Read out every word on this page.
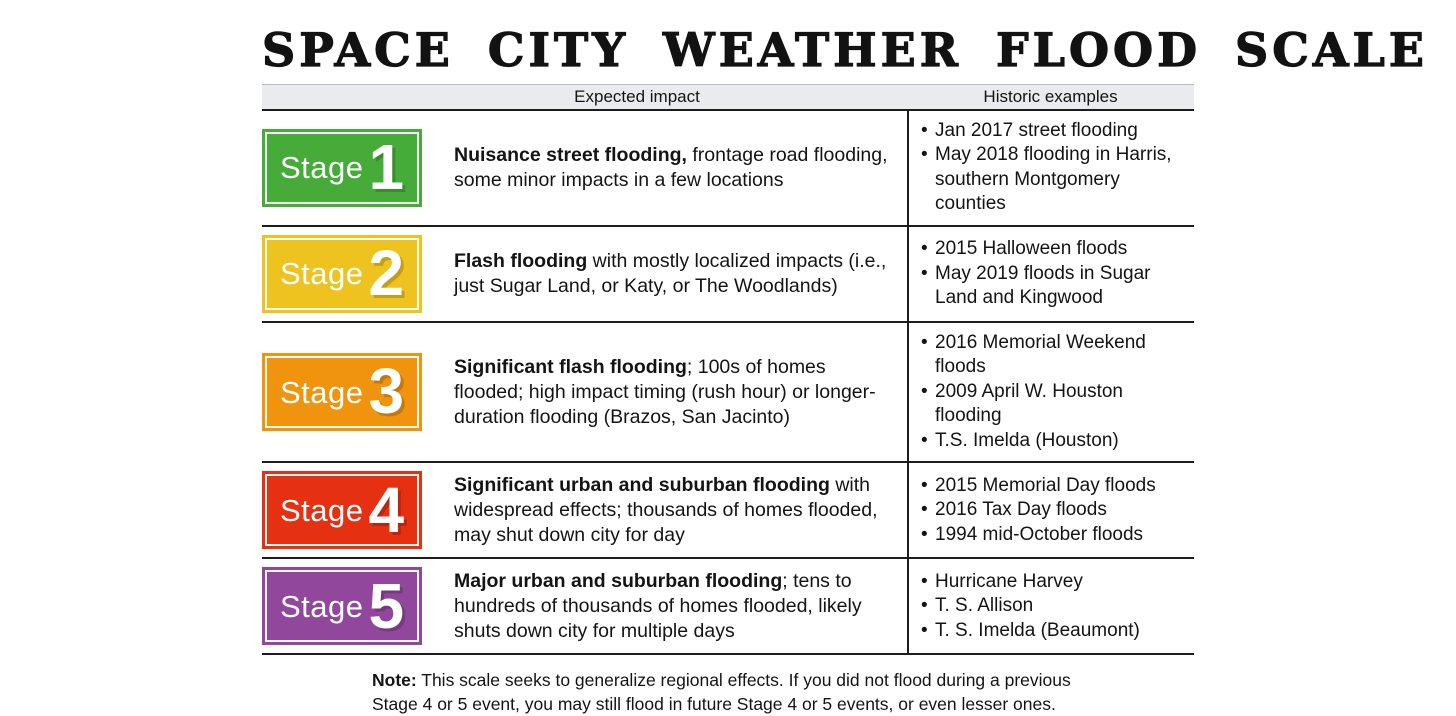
SPACE CITY WEATHER FLOOD SCALE
Expected impact	Historic examples
Stage 1	Nuisance street flooding, frontage road flooding, some minor impacts in a few locations
• Jan 2017 street flooding
• May 2018 flooding in Harris, southern Montgomery counties
Stage 2	Flash flooding with mostly localized impacts (i.e., just Sugar Land, or Katy, or The Woodlands)
• 2015 Halloween floods
• May 2019 floods in Sugar Land and Kingwood
Stage 3	Significant flash flooding; 100s of homes flooded; high impact timing (rush hour) or longer-duration flooding (Brazos, San Jacinto)
• 2016 Memorial Weekend floods
• 2009 April W. Houston flooding
• T.S. Imelda (Houston)
Stage 4	Significant urban and suburban flooding with widespread effects; thousands of homes flooded, may shut down city for day
• 2015 Memorial Day floods
• 2016 Tax Day floods
• 1994 mid-October floods
Stage 5	Major urban and suburban flooding; tens to hundreds of thousands of homes flooded, likely shuts down city for multiple days
• Hurricane Harvey
• T. S. Allison
• T. S. Imelda (Beaumont)
Note: This scale seeks to generalize regional effects. If you did not flood during a previous Stage 4 or 5 event, you may still flood in future Stage 4 or 5 events, or even lesser ones.
